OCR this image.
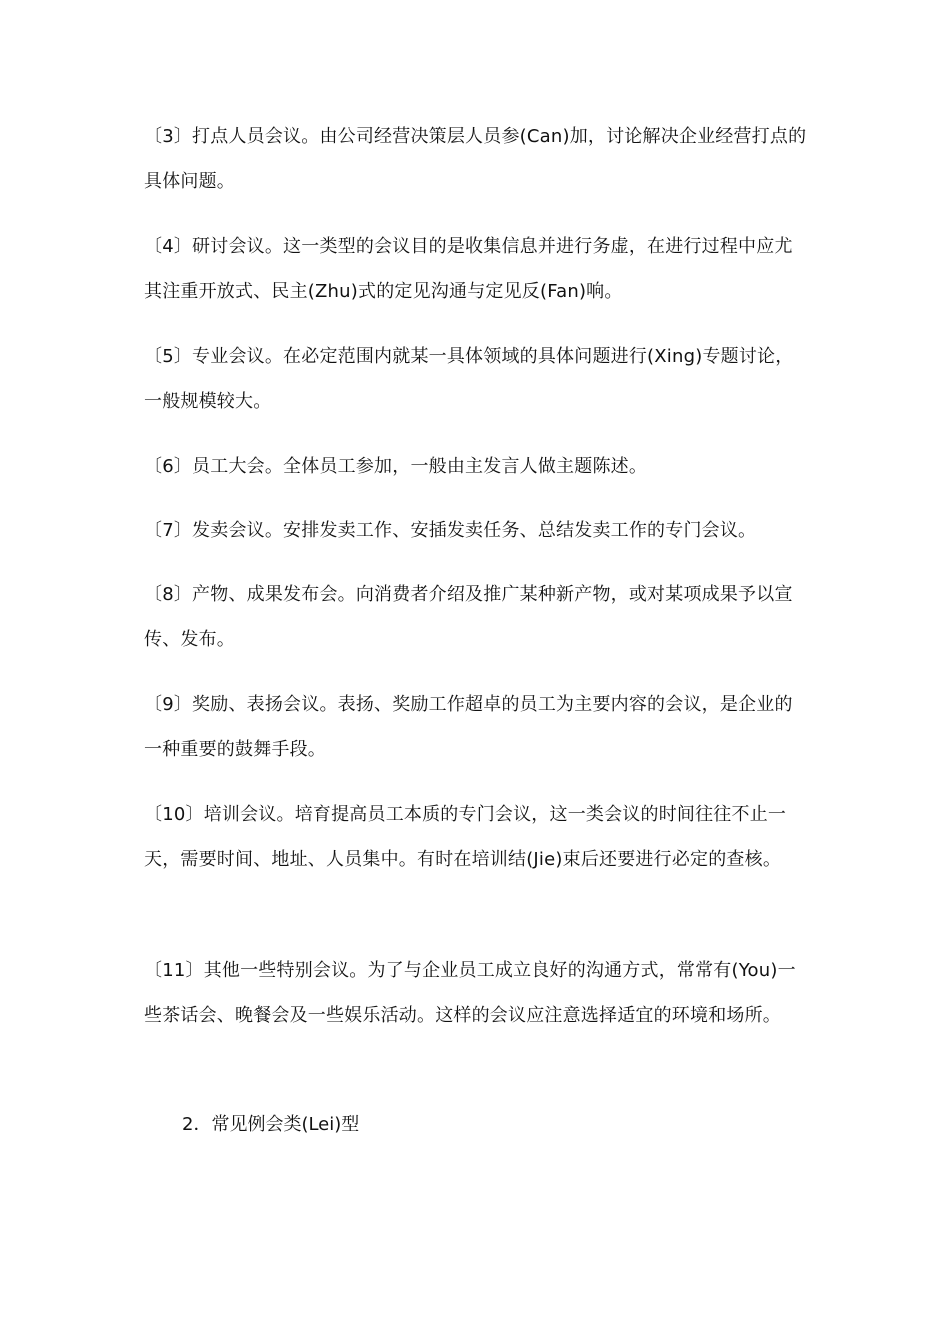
〔3〕打点人员会议。由公司经营决策层人员参(Can)加，讨论解决企业经营打点的具体问题。
〔4〕研讨会议。这一类型的会议目的是收集信息并进行务虚，在进行过程中应尤其注重开放式、民主(Zhu)式的定见沟通与定见反(Fan)响。
〔5〕专业会议。在必定范围内就某一具体领域的具体问题进行(Xing)专题讨论，一般规模较大。
〔6〕员工大会。全体员工参加，一般由主发言人做主题陈述。
〔7〕发卖会议。安排发卖工作、安插发卖任务、总结发卖工作的专门会议。
〔8〕产物、成果发布会。向消费者介绍及推广某种新产物，或对某项成果予以宣传、发布。
〔9〕奖励、表扬会议。表扬、奖励工作超卓的员工为主要内容的会议，是企业的一种重要的鼓舞手段。
〔10〕培训会议。培育提高员工本质的专门会议，这一类会议的时间往往不止一天，需要时间、地址、人员集中。有时在培训结(Jie)束后还要进行必定的查核。
〔11〕其他一些特别会议。为了与企业员工成立良好的沟通方式，常常有(You)一些茶话会、晚餐会及一些娱乐活动。这样的会议应注意选择适宜的环境和场所。
2．常见例会类(Lei)型
